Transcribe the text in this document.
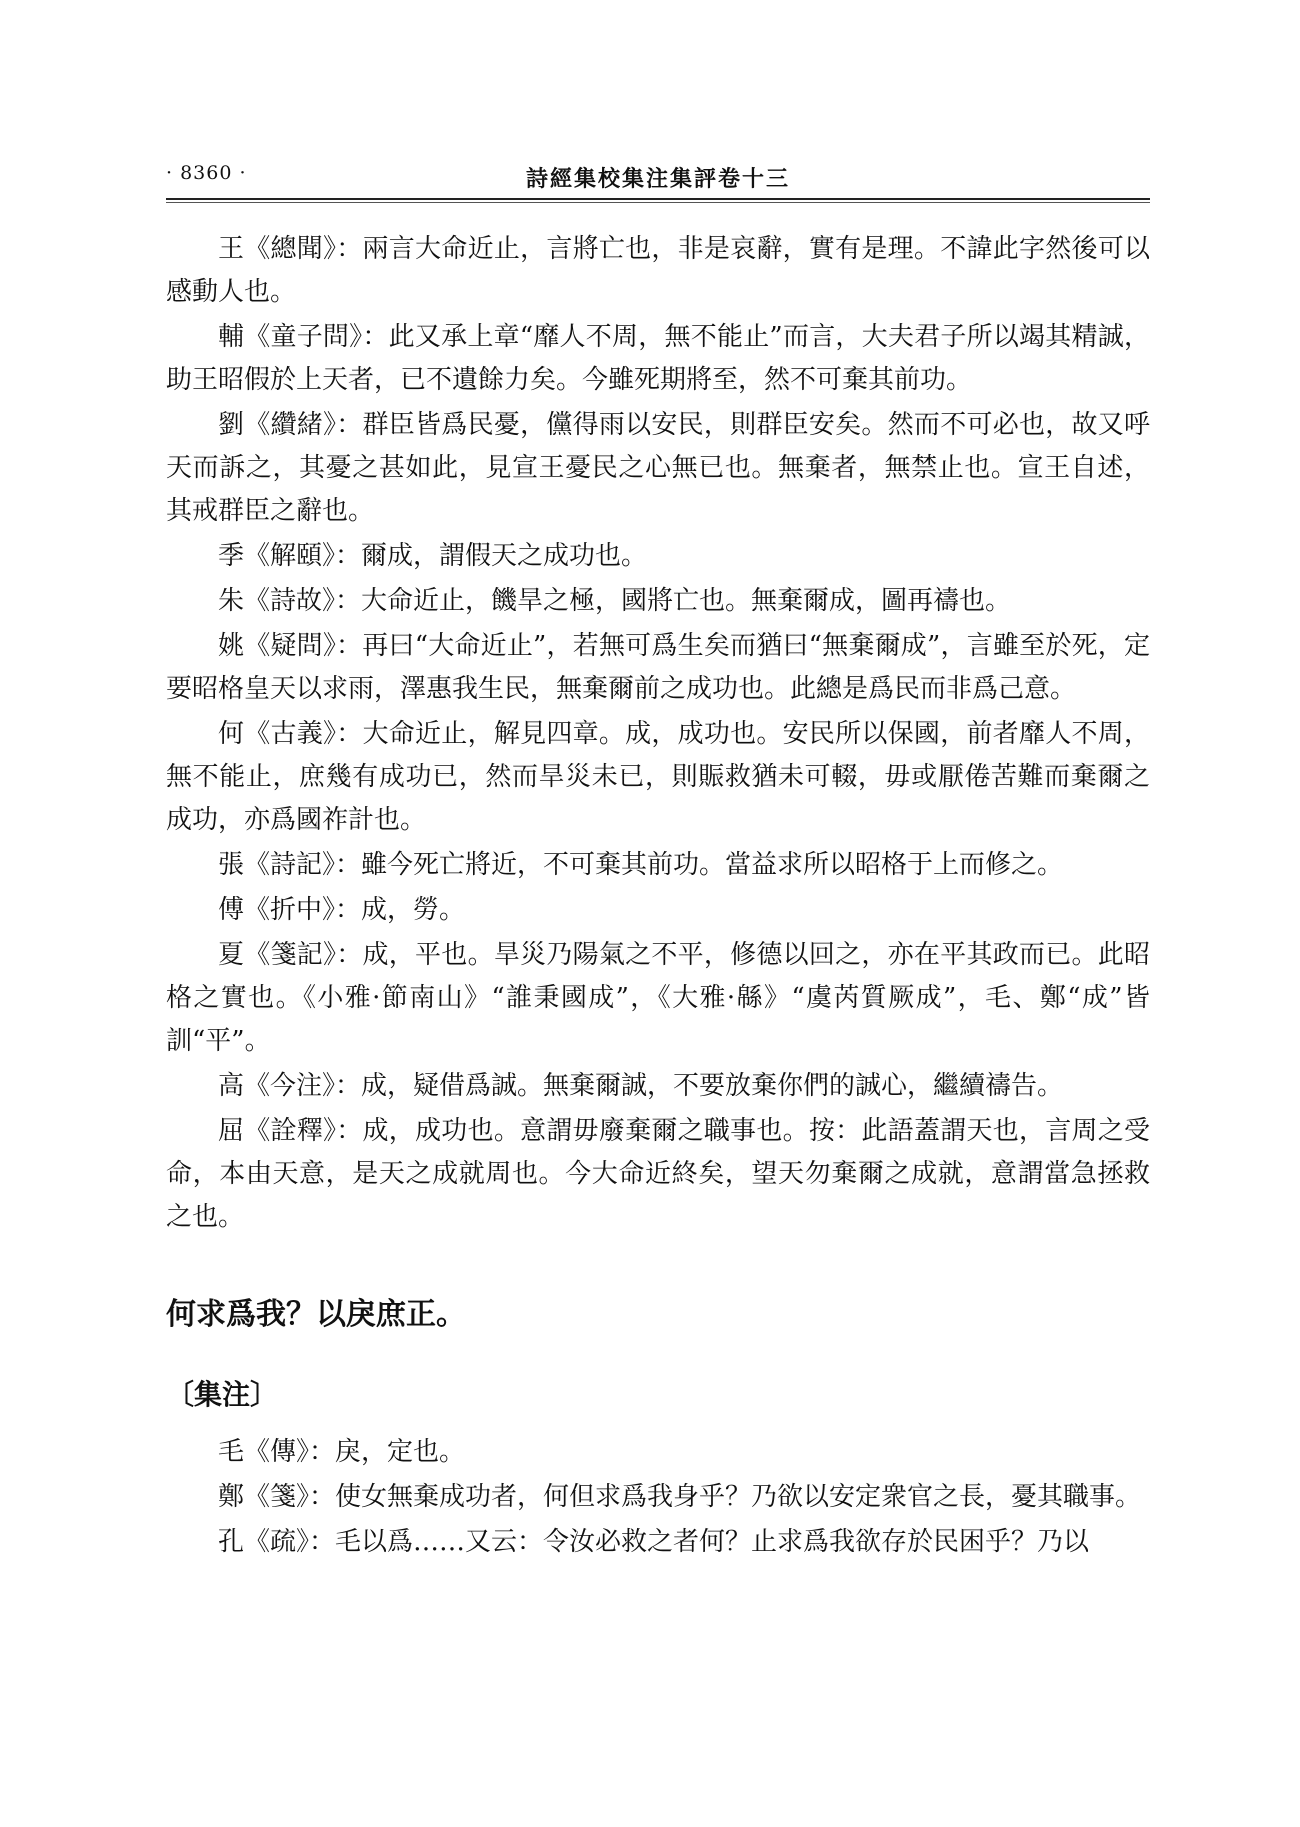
· 8360 ·	詩經集校集注集評卷十三

王《總聞》：兩言大命近止，言將亡也，非是哀辭，實有是理。不諱此字然後可以感動人也。

輔《童子問》：此又承上章“靡人不周，無不能止”而言，大夫君子所以竭其精誠，助王昭假於上天者，已不遺餘力矣。今雖死期將至，然不可棄其前功。

劉《纘緒》：群臣皆爲民憂，儻得雨以安民，則群臣安矣。然而不可必也，故又呼天而訴之，其憂之甚如此，見宣王憂民之心無已也。無棄者，無禁止也。宣王自述，其戒群臣之辭也。

季《解頤》：爾成，謂假天之成功也。

朱《詩故》：大命近止，饑旱之極，國將亡也。無棄爾成，圖再禱也。

姚《疑問》：再曰“大命近止”，若無可爲生矣而猶曰“無棄爾成”，言雖至於死，定要昭格皇天以求雨，澤惠我生民，無棄爾前之成功也。此總是爲民而非爲己意。

何《古義》：大命近止，解見四章。成，成功也。安民所以保國，前者靡人不周，無不能止，庶幾有成功已，然而旱災未已，則賑救猶未可輟，毋或厭倦苦難而棄爾之成功，亦爲國祚計也。

張《詩記》：雖今死亡將近，不可棄其前功。當益求所以昭格于上而修之。

傅《折中》：成，勞。

夏《箋記》：成，平也。旱災乃陽氣之不平，修德以回之，亦在平其政而已。此昭格之實也。《小雅·節南山》“誰秉國成”，《大雅·緜》“虞芮質厥成”，毛、鄭“成”皆訓“平”。

高《今注》：成，疑借爲誠。無棄爾誠，不要放棄你們的誠心，繼續禱告。

屈《詮釋》：成，成功也。意謂毋廢棄爾之職事也。按：此語蓋謂天也，言周之受命，本由天意，是天之成就周也。今大命近終矣，望天勿棄爾之成就，意謂當急拯救之也。

何求爲我？以戾庶正。
〔集注〕

毛《傳》：戾，定也。

鄭《箋》：使女無棄成功者，何但求爲我身乎？乃欲以安定衆官之長，憂其職事。

孔《疏》：毛以爲……又云：令汝必救之者何？止求爲我欲存於民困乎？乃以
